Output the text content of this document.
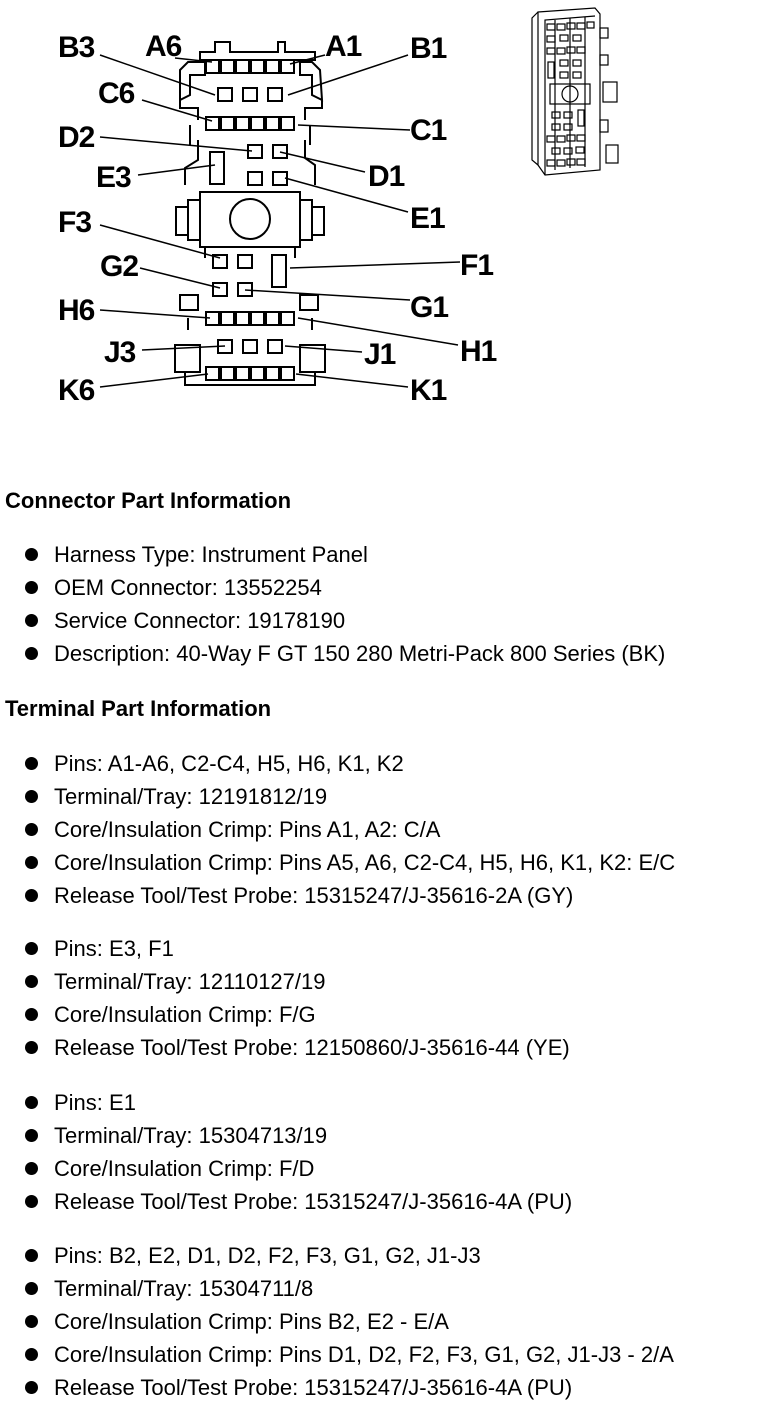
B3 A6	A1 B1
C6
C1
D2
D1
E3
E1
F3
F1
G2
G1
H6
H1
J3	J1
K6	K1
Connector Part Information
Harness Type: Instrument Panel
OEM Connector: 13552254
Service Connector: 19178190
Description: 40-Way F GT 150 280 Metri-Pack 800 Series (BK)
Terminal Part Information
Pins: A1-A6, C2-C4, H5, H6, K1, K2
Terminal/Tray: 12191812/19
Core/Insulation Crimp: Pins A1, A2: C/A
Core/Insulation Crimp: Pins A5, A6, C2-C4, H5, H6, K1, K2: E/C
Release Tool/Test Probe: 15315247/J-35616-2A (GY)
Pins: E3, F1
Terminal/Tray: 12110127/19
Core/Insulation Crimp: F/G
Release Tool/Test Probe: 12150860/J-35616-44 (YE)
Pins: E1
Terminal/Tray: 15304713/19
Core/Insulation Crimp: F/D
Release Tool/Test Probe: 15315247/J-35616-4A (PU)
Pins: B2, E2, D1, D2, F2, F3, G1, G2, J1-J3
Terminal/Tray: 15304711/8
Core/Insulation Crimp: Pins B2, E2 - E/A
Core/Insulation Crimp: Pins D1, D2, F2, F3, G1, G2, J1-J3 - 2/A
Release Tool/Test Probe: 15315247/J-35616-4A (PU)
